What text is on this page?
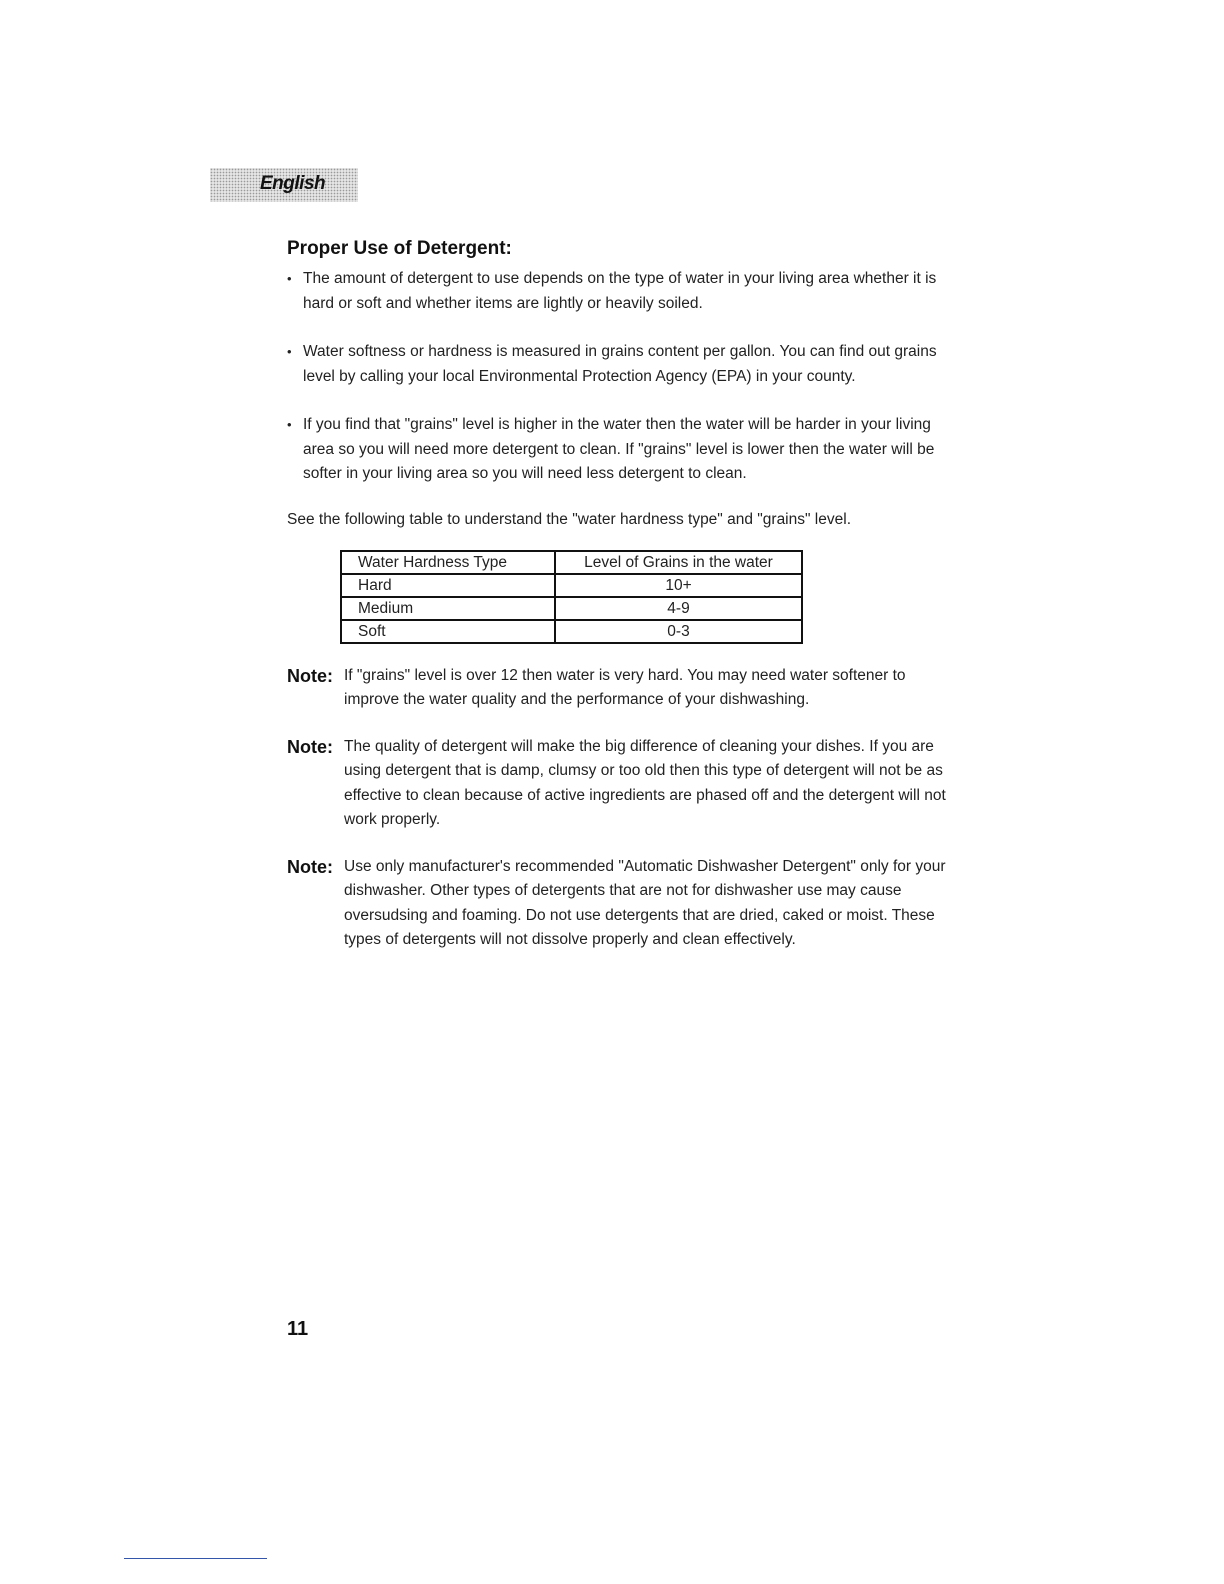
English
Proper Use of Detergent:
• The amount of detergent to use depends on the type of water in your living area whether it is hard or soft and whether items are lightly or heavily soiled.
• Water softness or hardness is measured in grains content per gallon. You can find out grains level by calling your local Environmental Protection Agency (EPA) in your county.
• If you find that "grains" level is higher in the water then the water will be harder in your living area so you will need more detergent to clean. If "grains" level is lower then the water will be softer in your living area so you will need less detergent to clean.

See the following table to understand the "water hardness type" and "grains" level.

Water Hardness Type	Level of Grains in the water
Hard	10+
Medium	4-9
Soft	0-3
Note: If "grains" level is over 12 then water is very hard. You may need water softener to improve the water quality and the performance of your dishwashing.
Note: The quality of detergent will make the big difference of cleaning your dishes. If you are using detergent that is damp, clumsy or too old then this type of detergent will not be as effective to clean because of active ingredients are phased off and the detergent will not work properly.
Note: Use only manufacturer's recommended "Automatic Dishwasher Detergent" only for your dishwasher. Other types of detergents that are not for dishwasher use may cause oversudsing and foaming. Do not use detergents that are dried, caked or moist. These types of detergents will not dissolve properly and clean effectively.
11
